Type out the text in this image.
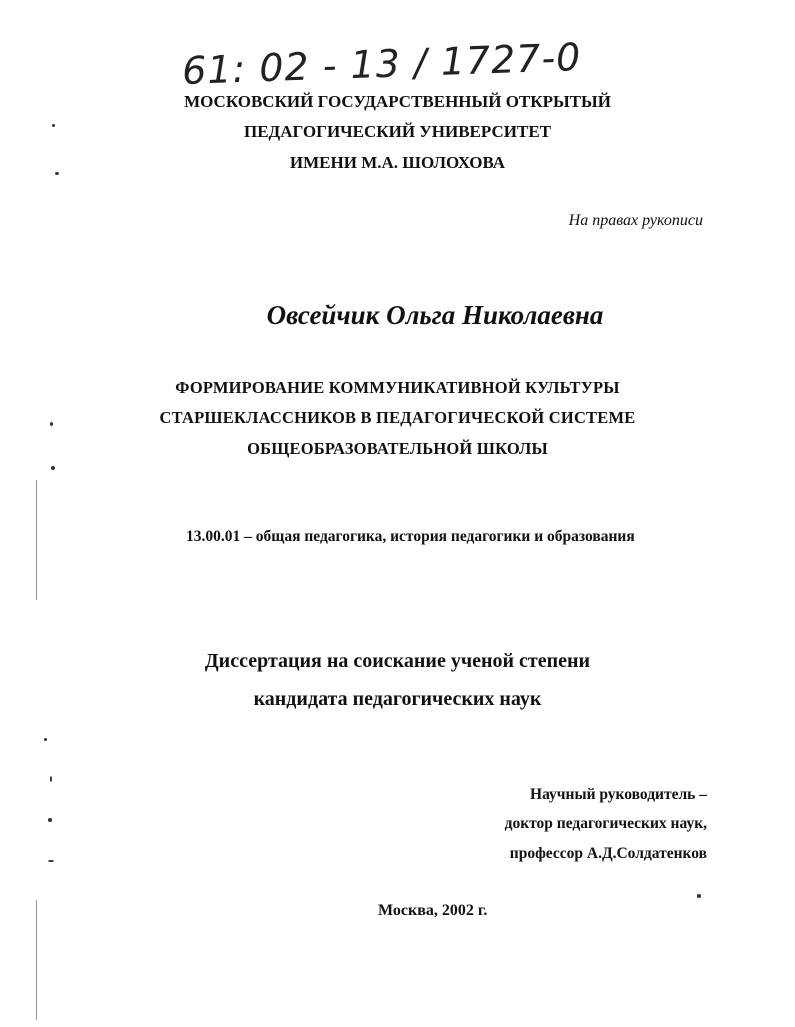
61: 02 - 13 / 1727-0
МОСКОВСКИЙ ГОСУДАРСТВЕННЫЙ ОТКРЫТЫЙ
ПЕДАГОГИЧЕСКИЙ УНИВЕРСИТЕТ
ИМЕНИ М.А. ШОЛОХОВА
На правах рукописи
Овсейчик Ольга Николаевна
ФОРМИРОВАНИЕ КОММУНИКАТИВНОЙ КУЛЬТУРЫ
СТАРШЕКЛАССНИКОВ В ПЕДАГОГИЧЕСКОЙ СИСТЕМЕ
ОБЩЕОБРАЗОВАТЕЛЬНОЙ ШКОЛЫ
13.00.01 – общая педагогика, история педагогики и образования
Диссертация на соискание ученой степени
кандидата педагогических наук
Научный руководитель –
доктор педагогических наук,
профессор А.Д.Солдатенков
Москва, 2002 г.
